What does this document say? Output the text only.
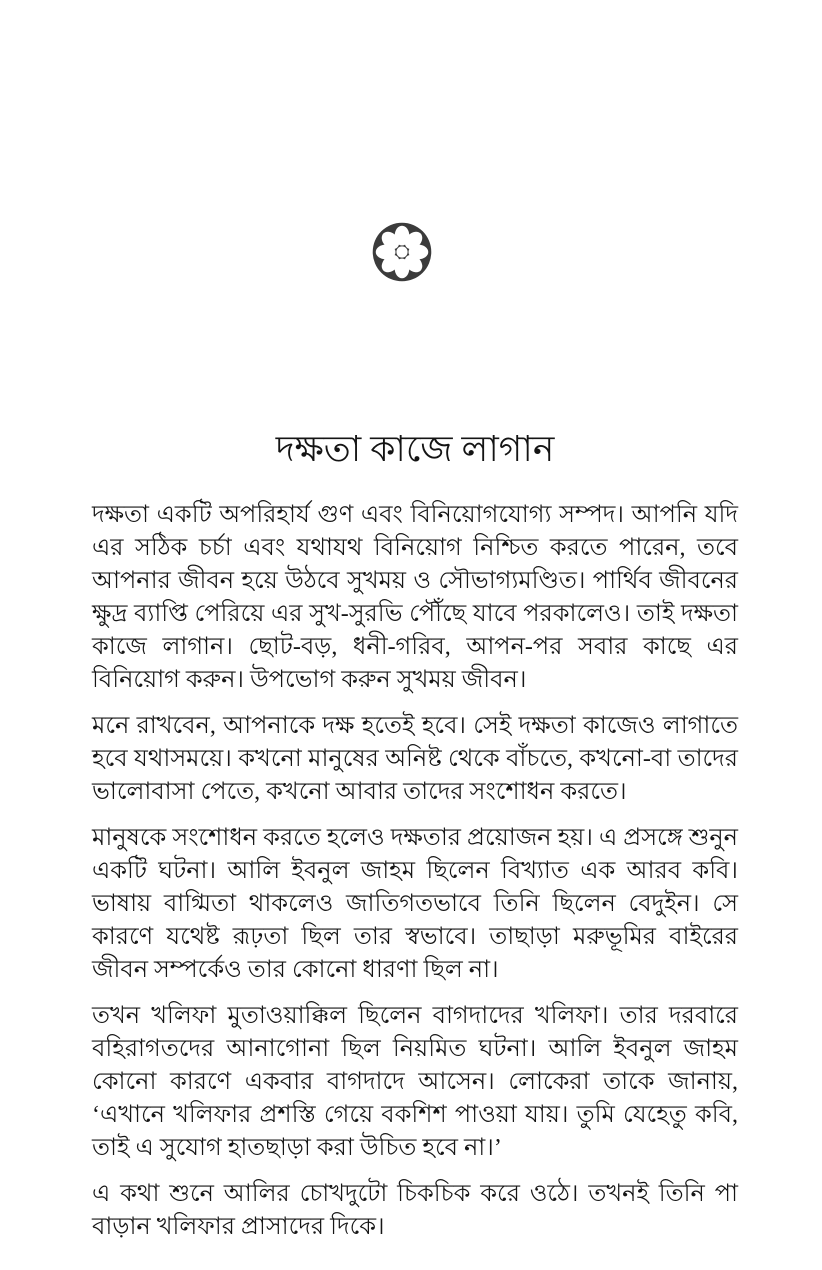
দক্ষতা কাজে লাগান

দক্ষতা একটি অপরিহার্য গুণ এবং বিনিয়োগযোগ্য সম্পদ। আপনি যদি এর সঠিক চর্চা এবং যথাযথ বিনিয়োগ নিশ্চিত করতে পারেন, তবে আপনার জীবন হয়ে উঠবে সুখময় ও সৌভাগ্যমণ্ডিত। পার্থিব জীবনের ক্ষুদ্র ব্যাপ্তি পেরিয়ে এর সুখ-সুরভি পৌঁছে যাবে পরকালেও। তাই দক্ষতা কাজে লাগান। ছোট-বড়, ধনী-গরিব, আপন-পর সবার কাছে এর বিনিয়োগ করুন। উপভোগ করুন সুখময় জীবন।

মনে রাখবেন, আপনাকে দক্ষ হতেই হবে। সেই দক্ষতা কাজেও লাগাতে হবে যথাসময়ে। কখনো মানুষের অনিষ্ট থেকে বাঁচতে, কখনো-বা তাদের ভালোবাসা পেতে, কখনো আবার তাদের সংশোধন করতে।

মানুষকে সংশোধন করতে হলেও দক্ষতার প্রয়োজন হয়। এ প্রসঙ্গে শুনুন একটি ঘটনা। আলি ইবনুল জাহম ছিলেন বিখ্যাত এক আরব কবি। ভাষায় বাগ্মিতা থাকলেও জাতিগতভাবে তিনি ছিলেন বেদুইন। সে কারণে যথেষ্ট রূঢ়তা ছিল তার স্বভাবে। তাছাড়া মরুভূমির বাইরের জীবন সম্পর্কেও তার কোনো ধারণা ছিল না।

তখন খলিফা মুতাওয়াক্কিল ছিলেন বাগদাদের খলিফা। তার দরবারে বহিরাগতদের আনাগোনা ছিল নিয়মিত ঘটনা। আলি ইবনুল জাহম কোনো কারণে একবার বাগদাদে আসেন। লোকেরা তাকে জানায়, ‘এখানে খলিফার প্রশস্তি গেয়ে বকশিশ পাওয়া যায়। তুমি যেহেতু কবি, তাই এ সুযোগ হাতছাড়া করা উচিত হবে না।’

এ কথা শুনে আলির চোখদুটো চিকচিক করে ওঠে। তখনই তিনি পা বাড়ান খলিফার প্রাসাদের দিকে।
